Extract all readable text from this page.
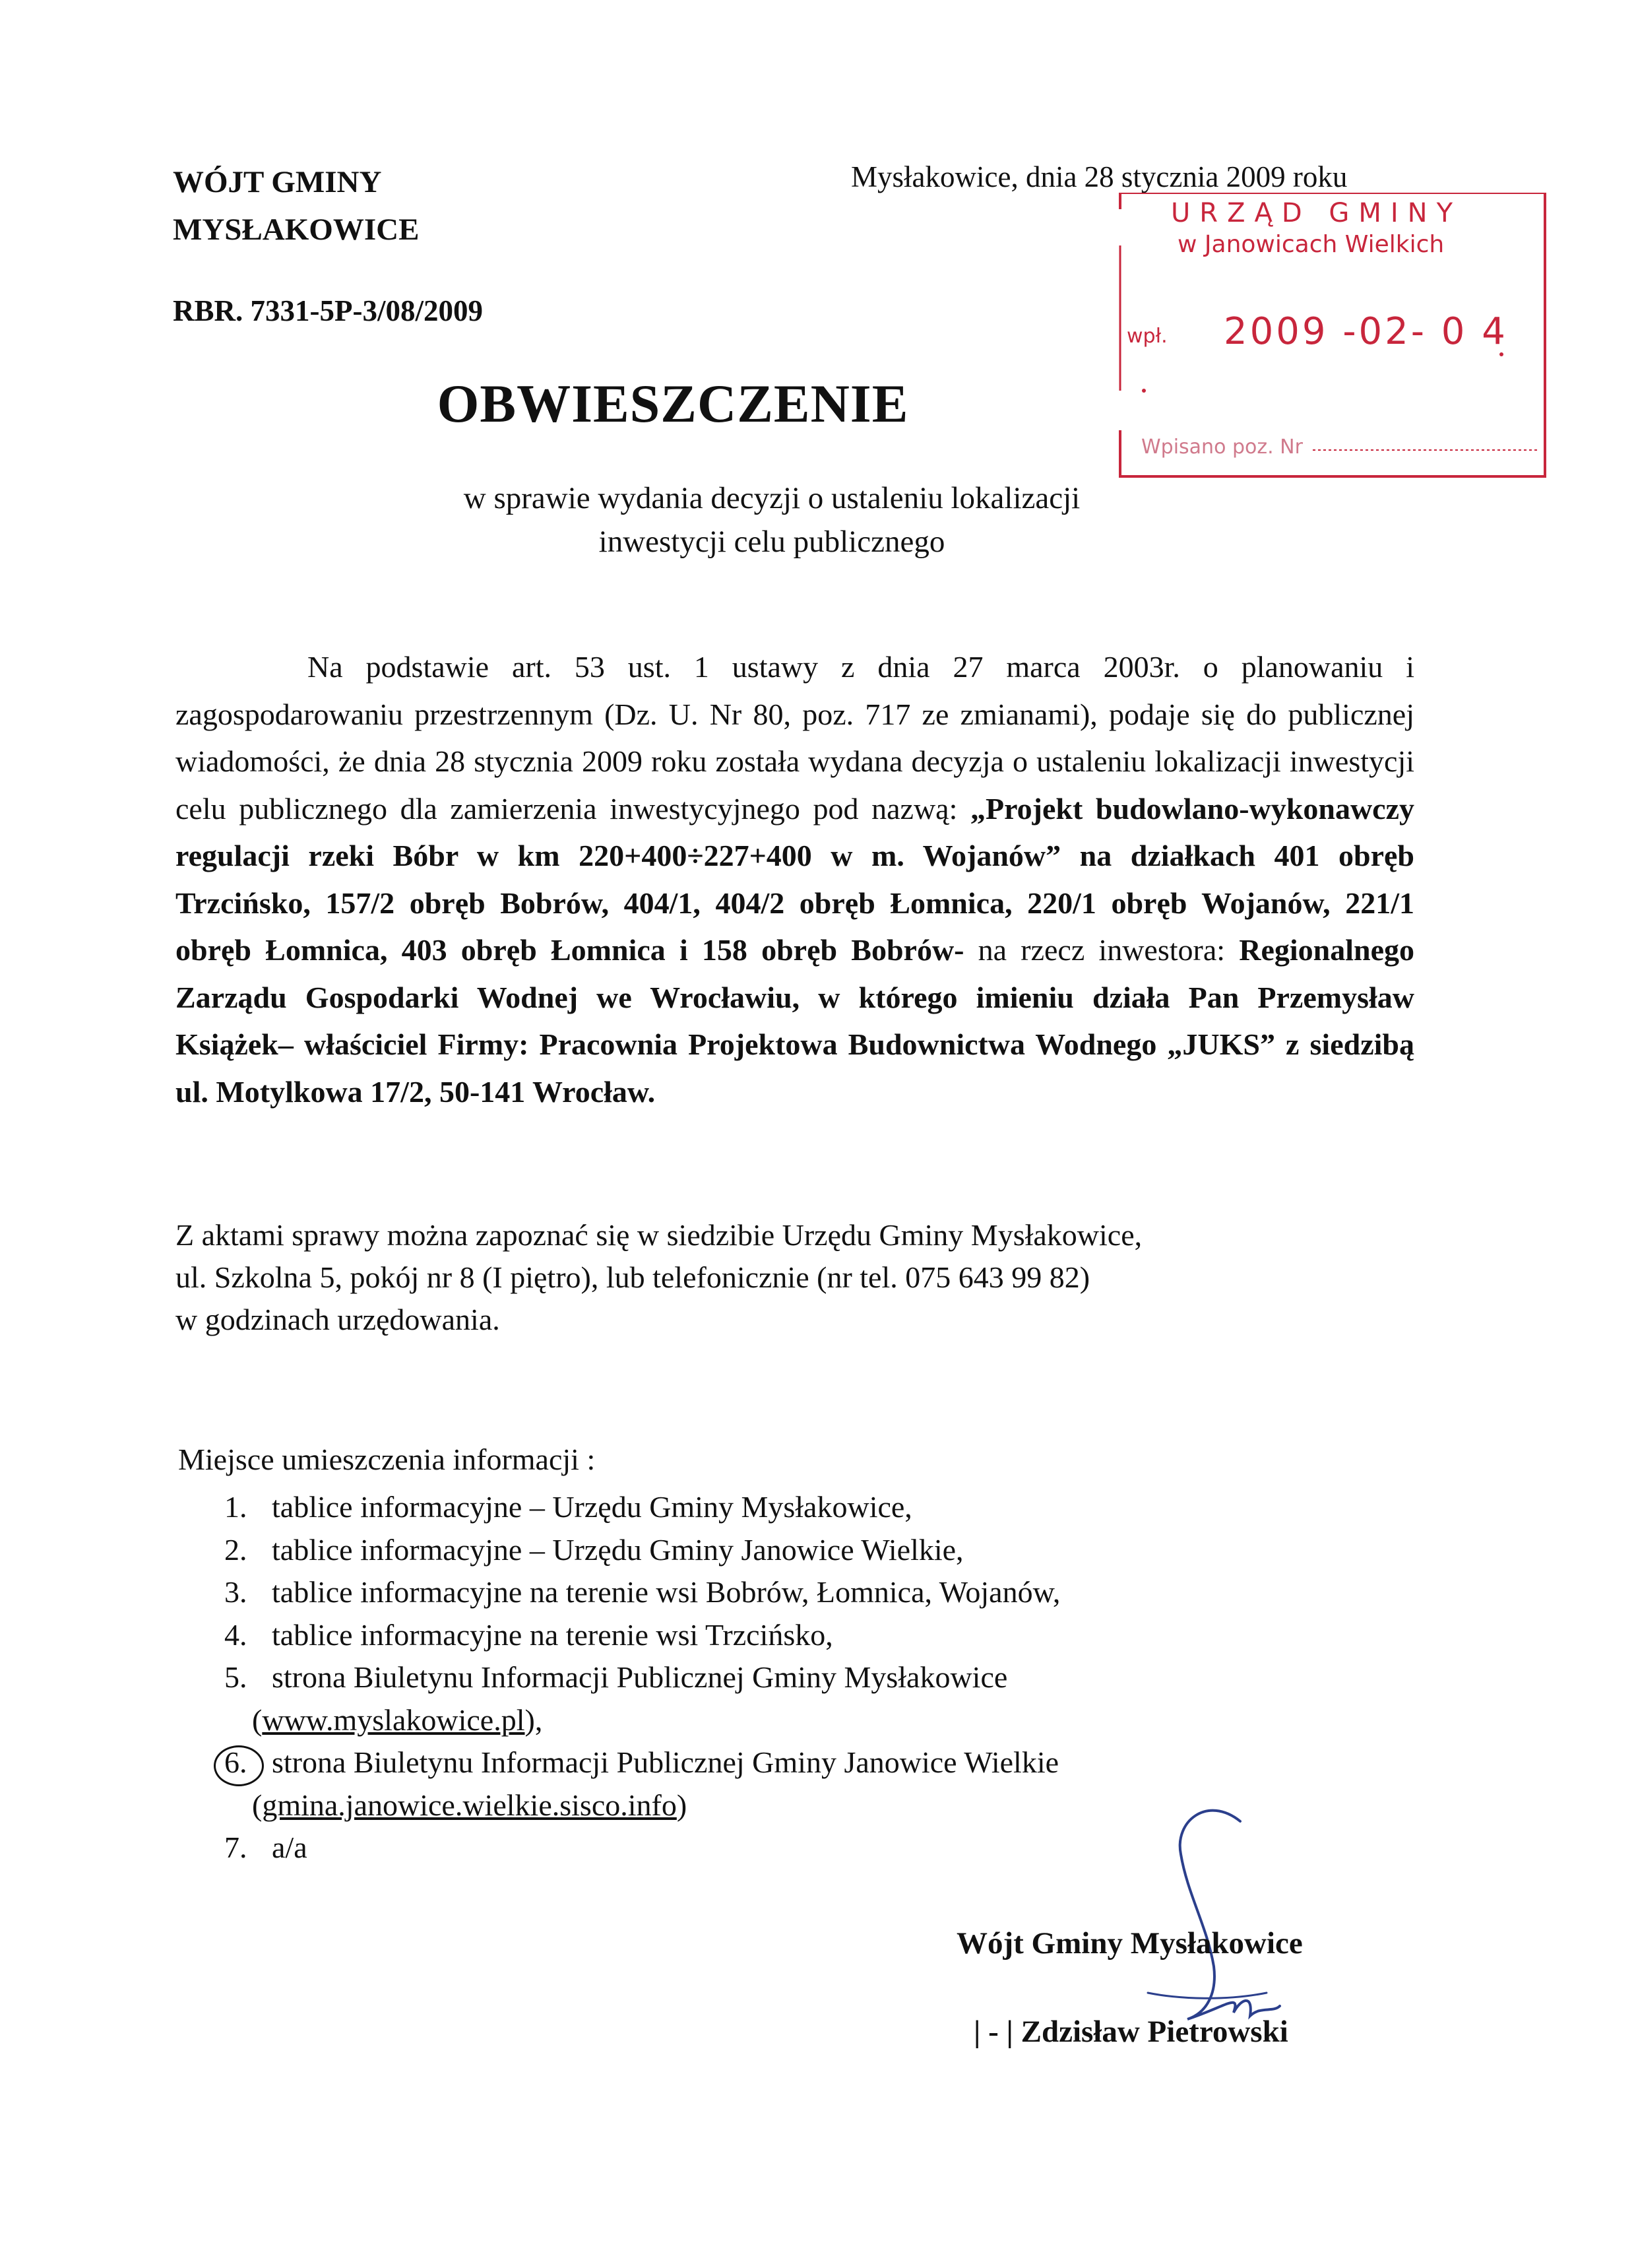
WÓJT GMINY
MYSŁAKOWICE
Mysłakowice, dnia 28 stycznia 2009 roku
RBR. 7331-5P-3/08/2009
URZĄD GMINY
w Janowicach Wielkich
wpł. 2009 -02- 0 4
Wpisano poz. Nr
OBWIESZCZENIE
w sprawie wydania decyzji o ustaleniu lokalizacji
inwestycji celu publicznego
Na podstawie art. 53 ust. 1 ustawy z dnia 27 marca 2003r. o planowaniu i zagospodarowaniu przestrzennym (Dz. U. Nr 80, poz. 717 ze zmianami), podaje się do publicznej wiadomości, że dnia 28 stycznia 2009 roku została wydana decyzja o ustaleniu lokalizacji inwestycji celu publicznego dla zamierzenia inwestycyjnego pod nazwą: „Projekt budowlano-wykonawczy regulacji rzeki Bóbr w km 220+400÷227+400 w m. Wojanów” na działkach 401 obręb Trzcińsko, 157/2 obręb Bobrów, 404/1, 404/2 obręb Łomnica, 220/1 obręb Wojanów, 221/1 obręb Łomnica, 403 obręb Łomnica i 158 obręb Bobrów- na rzecz inwestora: Regionalnego Zarządu Gospodarki Wodnej we Wrocławiu, w którego imieniu działa Pan Przemysław Książek– właściciel Firmy: Pracownia Projektowa Budownictwa Wodnego „JUKS” z siedzibą ul. Motylkowa 17/2, 50-141 Wrocław.
Z aktami sprawy można zapoznać się w siedzibie Urzędu Gminy Mysłakowice,
ul. Szkolna 5, pokój nr 8 (I piętro), lub telefonicznie (nr tel. 075 643 99 82)
w godzinach urzędowania.
Miejsce umieszczenia informacji :
1. tablice informacyjne – Urzędu Gminy Mysłakowice,
2. tablice informacyjne – Urzędu Gminy Janowice Wielkie,
3. tablice informacyjne na terenie wsi Bobrów, Łomnica, Wojanów,
4. tablice informacyjne na terenie wsi Trzcińsko,
5. strona Biuletynu Informacji Publicznej Gminy Mysłakowice
(www.myslakowice.pl),
6. strona Biuletynu Informacji Publicznej Gminy Janowice Wielkie
(gmina.janowice.wielkie.sisco.info)
7. a/a
Wójt Gminy Mysłakowice
| - | Zdzisław Pietrowski
